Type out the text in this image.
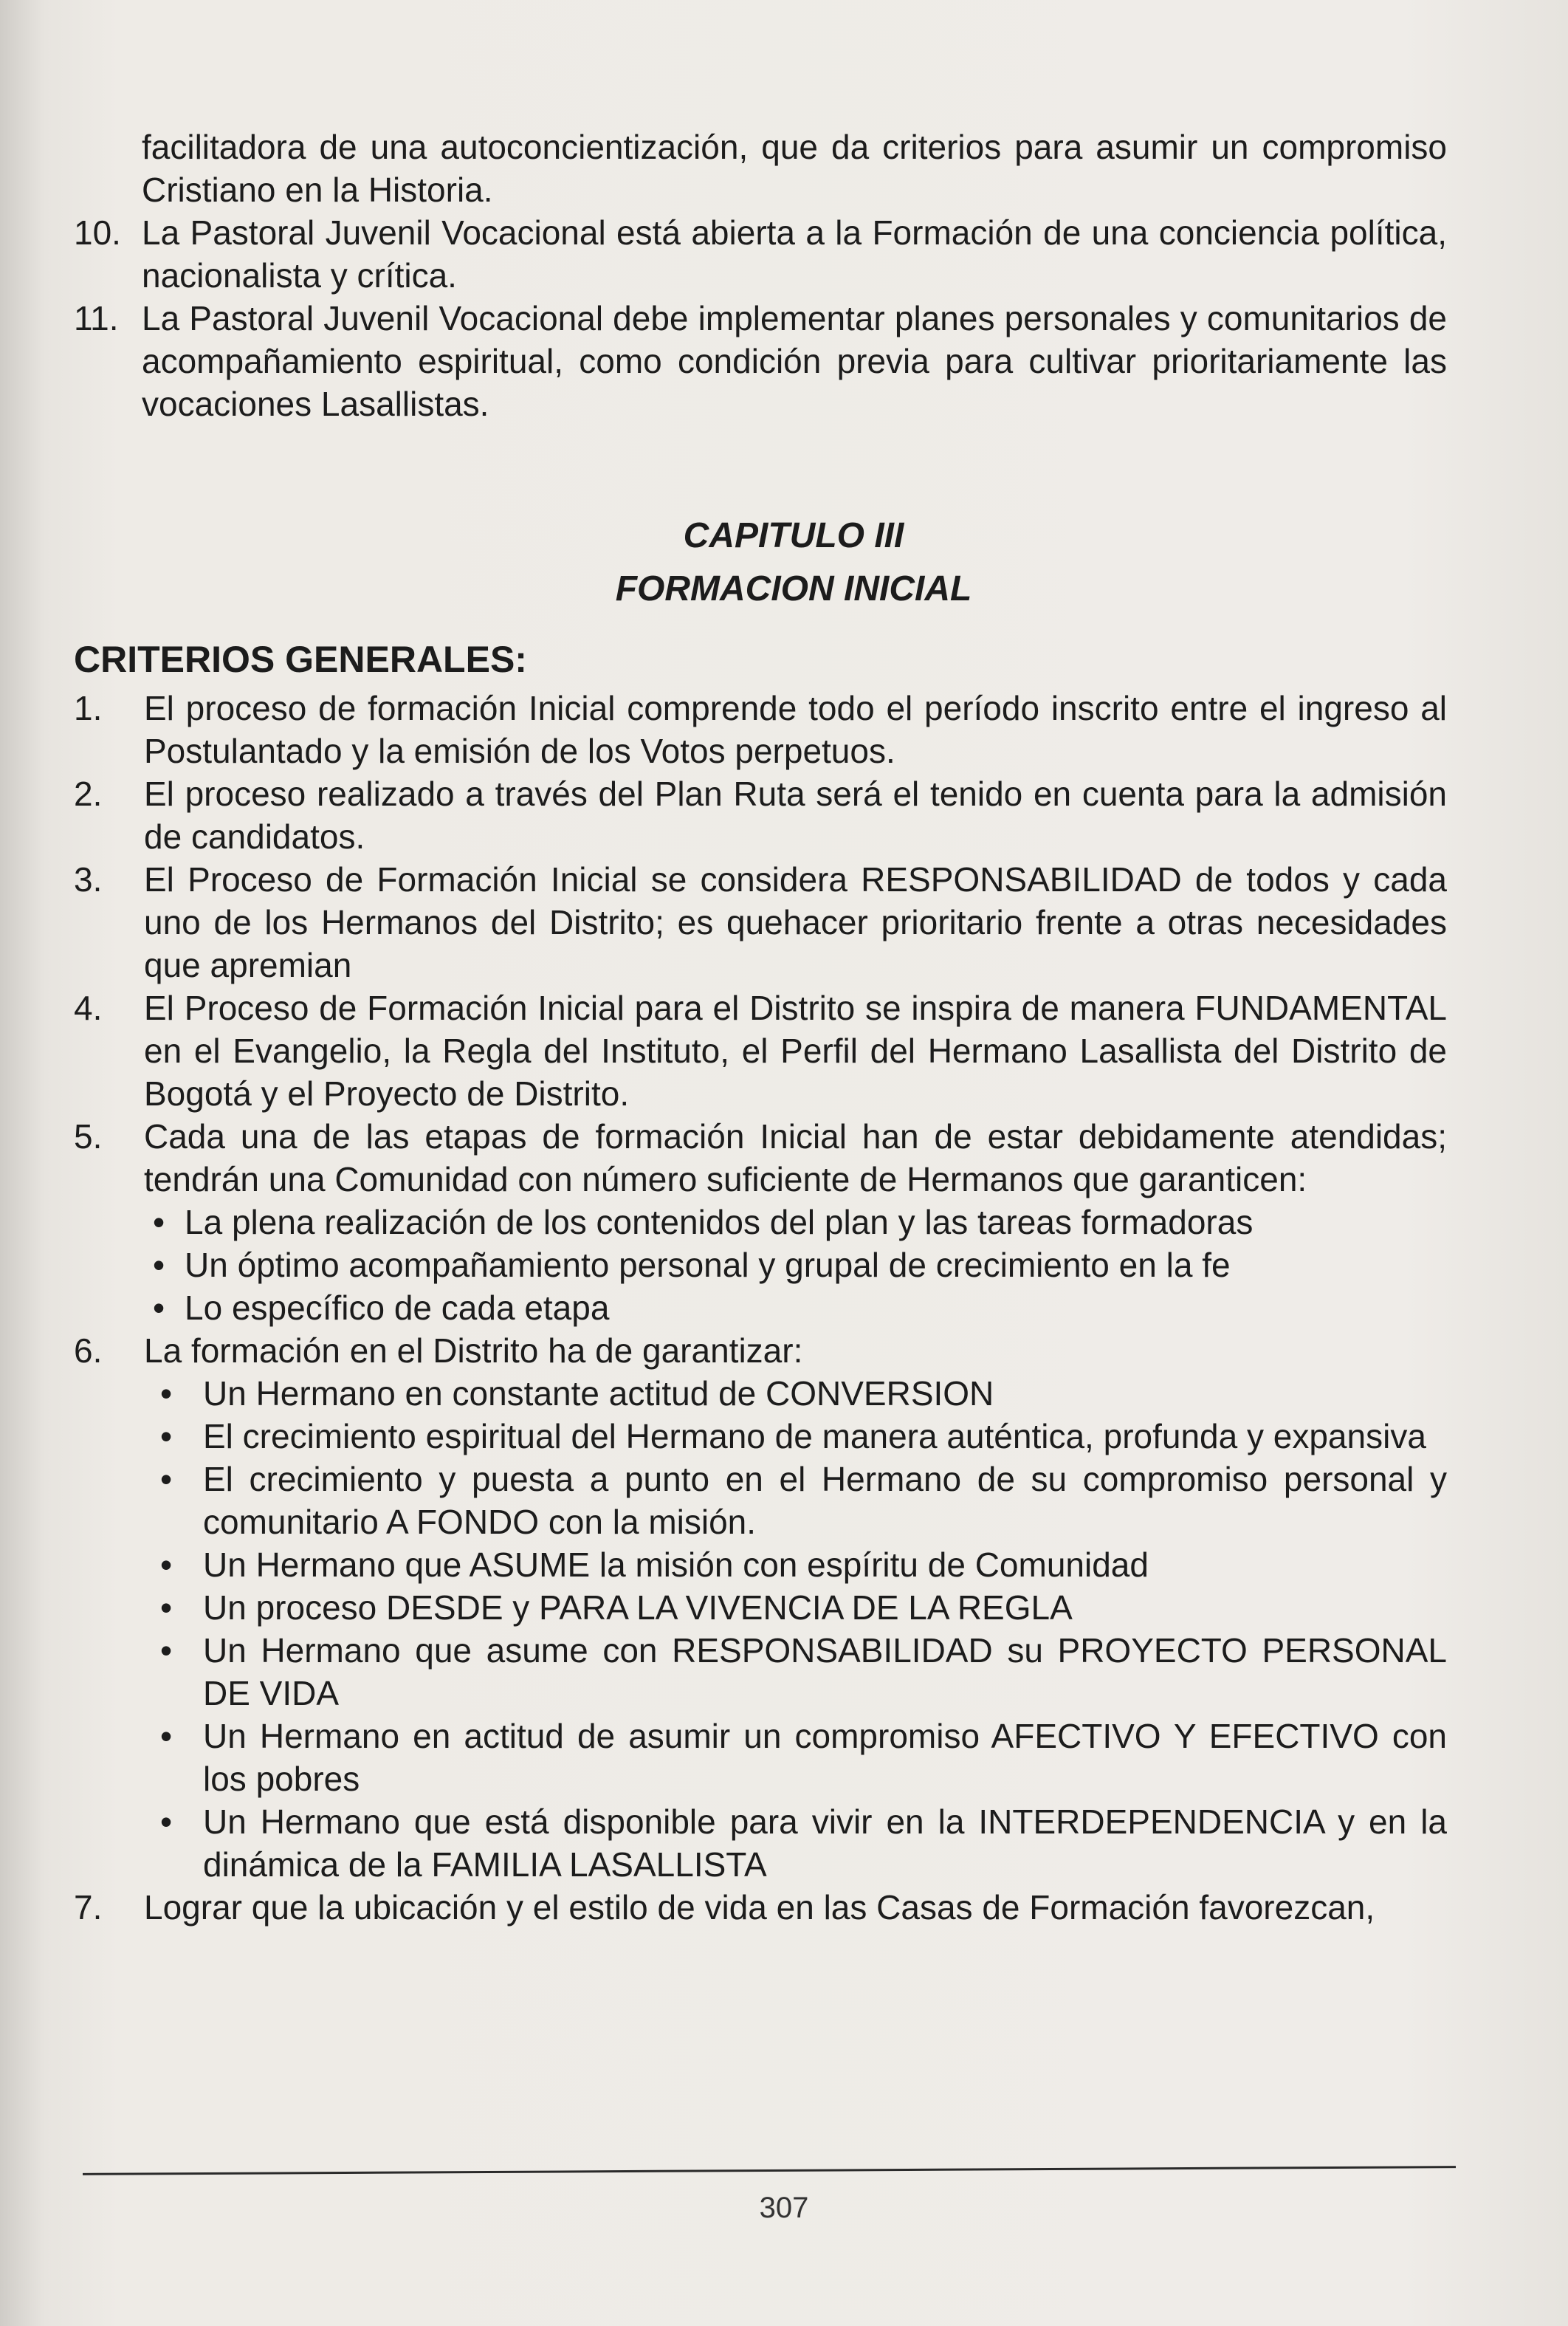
facilitadora de una autoconcientización, que da criterios para asumir un compromiso Cristiano en la Historia.

10. La Pastoral Juvenil Vocacional está abierta a la Formación de una conciencia política, nacionalista y crítica.
11. La Pastoral Juvenil Vocacional debe implementar planes personales y comunitarios de acompañamiento espiritual, como condición previa para cultivar prioritariamente las vocaciones Lasallistas.
CAPITULO III
FORMACION INICIAL
CRITERIOS GENERALES:
1.	El proceso de formación Inicial comprende todo el período inscrito entre el ingreso al Postulantado y la emisión de los Votos perpetuos.
2.	El proceso realizado a través del Plan Ruta será el tenido en cuenta para la admisión de candidatos.
3.	El Proceso de Formación Inicial se considera RESPONSABILIDAD de todos y cada uno de los Hermanos del Distrito; es quehacer prioritario frente a otras necesidades que apremian
4.	El Proceso de Formación Inicial para el Distrito se inspira de manera FUNDAMENTAL en el Evangelio, la Regla del Instituto, el Perfil del Hermano Lasallista del Distrito de Bogotá y el Proyecto de Distrito.
5.	Cada una de las etapas de formación Inicial han de estar debidamente atendidas; tendrán una Comunidad con número suficiente de Hermanos que garanticen:
• La plena realización de los contenidos del plan y las tareas formadoras
• Un óptimo acompañamiento personal y grupal de crecimiento en la fe
• Lo específico de cada etapa
6.	La formación en el Distrito ha de garantizar:
• Un Hermano en constante actitud de CONVERSION
• El crecimiento espiritual del Hermano de manera auténtica, profunda y expansiva
• El crecimiento y puesta a punto en el Hermano de su compromiso personal y comunitario A FONDO con la misión.
• Un Hermano que ASUME la misión con espíritu de Comunidad
• Un proceso DESDE y PARA LA VIVENCIA DE LA REGLA
• Un Hermano que asume con RESPONSABILIDAD su PROYECTO PERSONAL DE VIDA
• Un Hermano en actitud de asumir un compromiso AFECTIVO Y EFECTIVO con los pobres
• Un Hermano que está disponible para vivir en la INTERDEPENDENCIA y en la dinámica de la FAMILIA LASALLISTA
7.	Lograr que la ubicación y el estilo de vida en las Casas de Formación favorezcan,
307
